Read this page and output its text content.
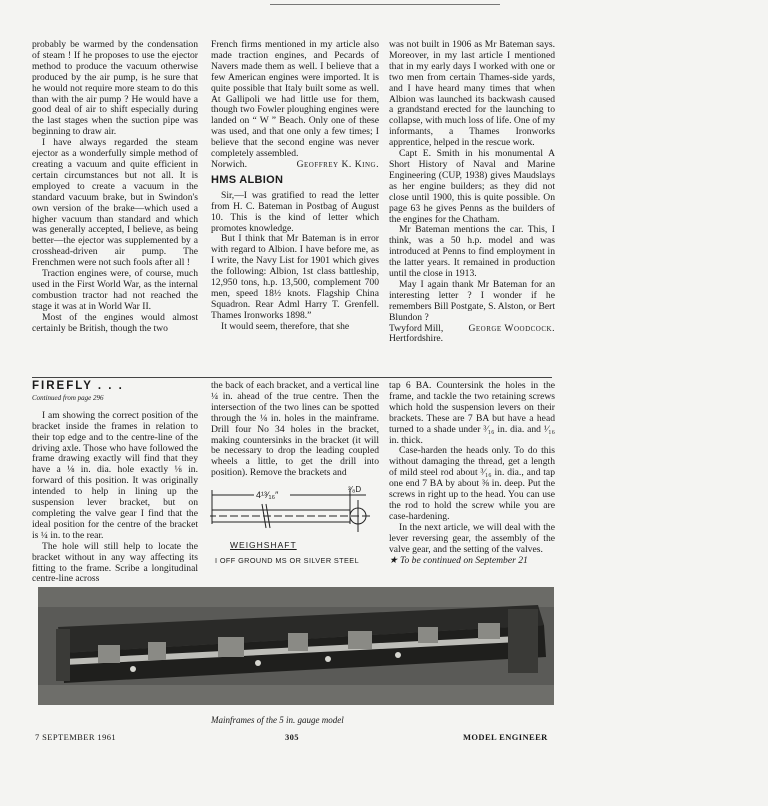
probably be warmed by the condensation of steam ! If he proposes to use the ejector method to produce the vacuum otherwise produced by the air pump, is he sure that he would not require more steam to do this than with the air pump ? He would have a good deal of air to shift especially during the last stages when the suction pipe was beginning to draw air.

I have always regarded the steam ejector as a wonderfully simple method of creating a vacuum and quite efficient in certain circumstances but not all. It is employed to create a vacuum in the standard vacuum brake, but in Swindon's own version of the brake—which used a higher vacuum than standard and which was generally accepted, I believe, as being better—the ejector was supplemented by a crosshead-driven air pump. The Frenchmen were not such fools after all !

Traction engines were, of course, much used in the First World War, as the internal combustion tractor had not reached the stage it was at in World War II.

Most of the engines would almost certainly be British, though the two

French firms mentioned in my article also made traction engines, and Pecards of Navers made them as well. I believe that a few American engines were imported. It is quite possible that Italy built some as well. At Gallipoli we had little use for them, though two Fowler ploughing engines were landed on “ W ” Beach. Only one of these was used, and that one only a few times; I believe that the second engine was never completely assembled.

Norwich.	Geoffrey K. King.
HMS ALBION

Sir,—I was gratified to read the letter from H. C. Bateman in Postbag of August 10. This is the kind of letter which promotes knowledge.

But I think that Mr Bateman is in error with regard to Albion. I have before me, as I write, the Navy List for 1901 which gives the following: Albion, 1st class battleship, 12,950 tons, h.p. 13,500, complement 700 men, speed 18½ knots. Flagship China Squadron. Rear Adml Harry T. Grenfell. Thames Ironworks 1898.”

It would seem, therefore, that she

was not built in 1906 as Mr Bateman says. Moreover, in my last article I mentioned that in my early days I worked with one or two men from certain Thames-side yards, and I have heard many times that when Albion was launched its backwash caused a grandstand erected for the launching to collapse, with much loss of life. One of my informants, a Thames Ironworks apprentice, helped in the rescue work.

Capt E. Smith in his monumental A Short History of Naval and Marine Engineering (CUP, 1938) gives Maudslays as her engine builders; as they did not close until 1900, this is quite possible. On page 63 he gives Penns as the builders of the engines for the Chatham.

Mr Bateman mentions the car. This, I think, was a 50 h.p. model and was introduced at Penns to find employment in the latter years. It remained in production until the close in 1913.

May I again thank Mr Bateman for an interesting letter ? I wonder if he remembers Bill Postgate, S. Alston, or Bert Blundon ?

Twyford Mill,	George Woodcock.
Hertfordshire.
FIREFLY . . .
Continued from page 296

I am showing the correct position of the bracket inside the frames in relation to their top edge and to the centre-line of the driving axle. Those who have followed the frame drawing exactly will find that they have a ⅛ in. dia. hole exactly ⅛ in. forward of this position. It was originally intended to help in lining up the suspension lever bracket, but on completing the valve gear I find that the ideal position for the centre of the bracket is ¼ in. to the rear.

The hole will still help to locate the bracket without in any way affecting its fitting to the frame. Scribe a longitudinal centre-line across

the back of each bracket, and a vertical line ¼ in. ahead of the true centre. Then the intersection of the two lines can be spotted through the ⅛ in. holes in the mainframe. Drill four No 34 holes in the bracket, making countersinks in the bracket (it will be necessary to drop the leading coupled wheels a little, to get the drill into position). Remove the brackets and

4¹³⁄₁₆″
³⁄₈D
WEIGHSHAFT
I OFF GROUND MS OR SILVER STEEL

tap 6 BA. Countersink the holes in the frame, and tackle the two retaining screws which hold the suspension levers on their brackets. These are 7 BA but have a head turned to a shade under ³⁄₁₆ in. dia. and ¹⁄₁₆ in. thick.

Case-harden the heads only. To do this without damaging the thread, get a length of mild steel rod about ³⁄₁₆ in. dia., and tap one end 7 BA by about ⅜ in. deep. Put the screws in right up to the head. You can use the rod to hold the screw while you are case-hardening.

In the next article, we will deal with the lever reversing gear, the assembly of the valve gear, and the setting of the valves.

★ To be continued on September 21
Mainframes of the 5 in. gauge model
7 SEPTEMBER 1961	305	MODEL ENGINEER
